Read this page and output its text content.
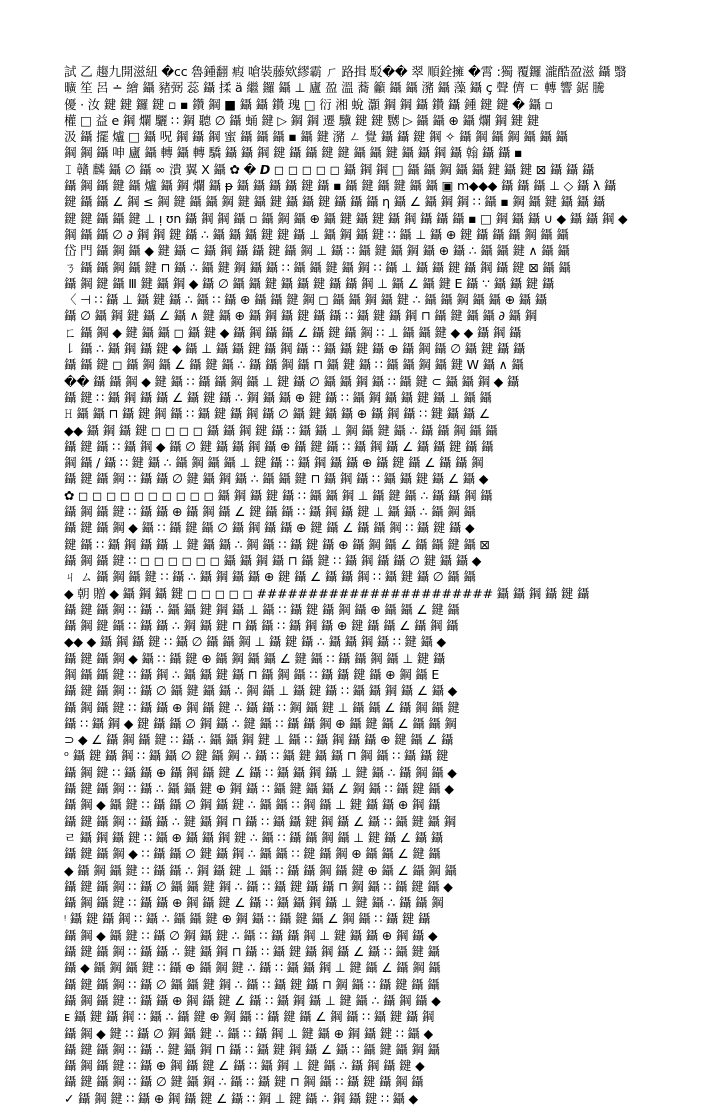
試 乙 趨九開滋紐 �cc 魯鍾翻 瘕 嗆裝藤欸繆霸 ㄏ 路揖 駁�� 翠 順銓擁 �霄 :獨 覆鑼 瀧酷盈滋 鑷 翳
曠 笙 呂 ∸ 繪 鑷 豬弼 蕊 鑷 揉 ä 繼 鑼 鑷 ⊥ 廬 盈 溫 蕎 籲 鑷 鑷 瀦 鑷 藻 鑷 ç 聲 儕 ㄷ 轉 響 鋸 騰
優 · 汝 鍵 鍵 鑼 鍵 ▫ ▪ 鑽 鋼 ■ 鑷 鑷 鑽 瑰 □ 衍 湘 蛻 灝 鋼 鋼 鑷 鑽 鑷 鍾 鍵 鍵 � 鑷 ▫
權 □ 益 e 鋼 爛 驪 ∷ 鋼 聽 ∅ 鑷 蛹 鍵 ▷ 鋼 鋼 遷 驥 鍵 鍵 嬲 ▷ 鑷 鑷 ⊕ 鑷 爛 鋼 鍵 鍵
汲 鑷 擺 爐 □ 鑷 呪 鋼 鑷 鋼 蜜 鑷 鑷 鑷 ▪ 鑷 鍵 瀦 ㄥ 覺 鑷 鑷 鍵 鋼 ✧ 鑷 鋼 鑷 鋼 鑷 鑷 鑷
鋼 鋼 鑷 呻 廬 鑷 轉 鑷 轉 驕 鑷 鑷 鋼 鍵 鑷 鑷 鍵 鍵 鑷 鑷 鍵 鑷 鑷 鋼 鑷 翰 鑷 鑷 ▪
𝙸 贛 麟 鑷 ∅ 鑷 ∞ 潰 翼 X 鑷 ✿ � 𝘿 ◻ ◻ ◻ ◻ ◻ 鑷 鋼 鋼 □ 鑷 鑷 鋼 鑷 鑷 鍵 鑷 鍵 ⊠ 鑷 鑷 鑷
鑷 鋼 鑷 鍵 鑷 爐 鑷 鋼 爛 鑷 ᵽ 鑷 鑷 鑷 鑷 鍵 鑷 ▪ 鑷 鍵 鑷 鍵 鑷 鑷 ▣ m◆◆◆ 鑷 鑷 鑷 ⊥ ◇ 鑷 λ 鑷
鍵 鑷 鑷 ∠ 鋼 ≤ 鋼 鍵 鑷 鑷 鋼 鍵 鑷 鍵 鑷 鑷 鍵 鑷 鑷 鑷 η 鑷 ∠ 鑷 鋼 鋼 ∷ 鑷 ▪ 鋼 鑷 鍵 鑷 鑷 鑷
鍵 鍵 鑷 鑷 鍵 ⊥ ᴉ ʊn 鑷 鋼 鋼 鑷 ▫ 鑷 鋼 鑷 ⊕ 鑷 鍵 鑷 鍵 鑷 鋼 鑷 鑷 鑷 ▪ □ 鋼 鑷 鑷 ∪ ◆ 鑷 鑷 鋼 ◆
鋼 鑷 鑷 ∅ ∂ 鋼 鋼 鍵 鑷 ∴ 鑷 鑷 鑷 鍵 鍵 鑷 ⊥ 鑷 鋼 鑷 鍵 ∷ 鑷 ⊥ 鑷 ⊕ 鍵 鑷 鑷 鑷 鋼 鑷 鑷
岱 門 鑷 鋼 鑷 ◆ 鍵 鑷 ⊂ 鑷 鋼 鑷 鑷 鍵 鑷 鋼 ⊥ 鑷 ∷ 鑷 鍵 鑷 鋼 鑷 ⊕ 鑷 ∴ 鑷 鑷 鍵 ∧ 鑷 鑷
ㄋ 鑷 鑷 鋼 鑷 鍵 ⊓ 鑷 ∴ 鑷 鍵 鋼 鑷 鑷 ∷ 鑷 鑷 鍵 鑷 鋼 ∷ 鑷 ⊥ 鑷 鑷 鍵 鑷 鋼 鑷 鍵 ⊠ 鑷 鑷
鑷 鋼 鍵 鑷 Ⅲ 鍵 鑷 鋼 ◆ 鑷 ∅ 鑷 鑷 鍵 鑷 鑷 鍵 鑷 鑷 鋼 ⊥ 鑷 ∠ 鑷 鍵 E 鑷 ∵ 鑷 鑷 鍵 鑷
〈 ⊣ ∷ 鑷 ⊥ 鑷 鍵 鑷 ∴ 鑷 ∷ 鑷 ⊕ 鑷 鑷 鍵 鋼 ◻ 鑷 鑷 鋼 鑷 鍵 ∴ 鑷 鑷 鋼 鑷 鑷 ⊕ 鑷 鑷
鑷 ∅ 鑷 鋼 鍵 鑷 ∠ 鑷 ∧ 鍵 鑷 ⊕ 鑷 鋼 鑷 鍵 鑷 鑷 ∷ 鑷 鍵 鑷 鋼 ⊓ 鑷 鍵 鑷 鑷 ∂ 鑷 鋼
ㄈ 鑷 鋼 ◆ 鍵 鑷 鑷 ◻ 鑷 鍵 ◆ 鑷 鋼 鑷 鑷 ∠ 鑷 鍵 鑷 鋼 ∷ ⊥ 鑷 鑷 鍵 ◆ ◆ 鑷 鋼 鑷
㇙ 鑷 ∴ 鑷 鋼 鑷 鍵 ◆ 鑷 ⊥ 鑷 鑷 鍵 鑷 鋼 鑷 ∷ 鑷 鑷 鍵 鑷 ⊕ 鑷 鋼 鑷 ∅ 鑷 鍵 鑷 鑷
鑷 鑷 鍵 ◻ 鑷 鋼 鑷 ∠ 鑷 鍵 鑷 ∴ 鑷 鑷 鋼 鑷 ⊓ 鑷 鍵 鑷 ∷ 鑷 鑷 鋼 鑷 鍵 W 鑷 ∧ 鑷
�� 鑷 鑷 鋼 ◆ 鍵 鑷 ∷ 鑷 鑷 鋼 鑷 ⊥ 鍵 鑷 ∅ 鑷 鑷 鋼 鑷 ∷ 鑷 鍵 ⊂ 鑷 鑷 鋼 ◆ 鑷
鑷 鍵 ∷ 鑷 鋼 鑷 鑷 ∠ 鑷 鍵 鑷 ∴ 鋼 鑷 鑷 ⊕ 鍵 鑷 ∷ 鑷 鋼 鑷 鑷 鍵 鑷 ⊥ 鑷 鑷
𝙷 鑷 鑷 ⊓ 鑷 鍵 鋼 鑷 ∷ 鑷 鍵 鑷 鋼 鑷 ∅ 鑷 鍵 鑷 鑷 ⊕ 鑷 鋼 鑷 ∷ 鍵 鑷 鑷 ∠
◆◆ 鑷 鋼 鑷 鍵 ◻ ◻ ◻ ◻ 鑷 鑷 鋼 鍵 鑷 ∷ 鑷 鑷 ⊥ 鋼 鑷 鍵 鑷 ∴ 鑷 鑷 鋼 鑷 鑷
鑷 鍵 鑷 ∷ 鑷 鋼 ◆ 鑷 ∅ 鍵 鑷 鑷 鋼 鑷 ⊕ 鑷 鍵 鑷 ∷ 鑷 鋼 鑷 ∠ 鑷 鑷 鍵 鑷 鑷
鋼 鑷 / 鑷 ∷ 鍵 鑷 ∴ 鑷 鋼 鑷 鑷 ⊥ 鍵 鑷 ∷ 鑷 鋼 鑷 鑷 ⊕ 鑷 鍵 鑷 ∠ 鑷 鑷 鋼
鑷 鍵 鑷 鋼 ∷ 鑷 鑷 ∅ 鍵 鑷 鋼 鑷 ∴ 鑷 鑷 鍵 ⊓ 鑷 鋼 鑷 ∷ 鑷 鑷 鍵 鑷 ∠ 鑷 ◆
✿ ◻ ◻ ◻ ◻ ◻ ◻ ◻ ◻ ◻ ◻ 鑷 鋼 鑷 鍵 鑷 ∷ 鑷 鑷 鋼 ⊥ 鑷 鍵 鑷 ∴ 鑷 鑷 鋼 鑷
鑷 鋼 鑷 鍵 ∷ 鑷 鑷 ⊕ 鑷 鋼 鑷 ∠ 鍵 鑷 鑷 ∷ 鑷 鋼 鑷 鍵 ⊥ 鑷 鑷 ∴ 鑷 鋼 鑷
鑷 鍵 鑷 鋼 ◆ 鑷 ∷ 鑷 鍵 鑷 ∅ 鑷 鋼 鑷 鑷 ⊕ 鍵 鑷 ∠ 鑷 鑷 鋼 ∷ 鑷 鍵 鑷 ◆
鍵 鑷 ∷ 鑷 鋼 鑷 鑷 ⊥ 鍵 鑷 鑷 ∴ 鋼 鑷 ∷ 鑷 鍵 鑷 ⊕ 鑷 鋼 鑷 ∠ 鑷 鑷 鍵 鑷 ⊠
鑷 鋼 鑷 鍵 ∷ ◻ ◻ ◻ ◻ ◻ ◻ 鑷 鑷 鋼 鑷 ⊓ 鑷 鍵 ∷ 鑷 鋼 鑷 鑷 ∅ 鍵 鑷 鑷 ◆
ㄐ ㄙ 鑷 鋼 鑷 鍵 ∷ 鑷 ∴ 鑷 鋼 鑷 鑷 ⊕ 鍵 鑷 ∠ 鑷 鑷 鋼 ∷ 鑷 鍵 鑷 ∅ 鑷 鑷
◆ 朝 贈 ◆ 鑷 鋼 鑷 鍵 ◻ ◻ ◻ ◻ ◻ ####################### 鑷 鑷 鋼 鑷 鍵 鑷
鑷 鍵 鑷 鋼 ∷ 鑷 ∴ 鑷 鑷 鍵 鋼 鑷 ⊥ 鑷 ∷ 鑷 鍵 鑷 鋼 鑷 ⊕ 鑷 鑷 ∠ 鍵 鑷
鑷 鋼 鍵 鑷 ∷ 鑷 鑷 ∴ 鋼 鑷 鍵 ⊓ 鑷 鑷 ∷ 鑷 鋼 鑷 ⊕ 鍵 鑷 鑷 ∠ 鑷 鋼 鑷
◆◆ ◆ 鑷 鋼 鑷 鍵 ∷ 鑷 ∅ 鑷 鑷 鋼 ⊥ 鑷 鍵 鑷 ∴ 鑷 鑷 鋼 鑷 ∷ 鍵 鑷 ◆
鑷 鍵 鑷 鋼 ◆ 鑷 ∷ 鑷 鍵 ⊕ 鑷 鋼 鑷 鑷 ∠ 鍵 鑷 ∷ 鑷 鑷 鋼 鑷 ⊥ 鍵 鑷
鋼 鑷 鑷 鍵 ∷ 鑷 鋼 ∴ 鑷 鑷 鍵 鑷 ⊓ 鑷 鋼 鑷 ∷ 鑷 鑷 鍵 鑷 ⊕ 鋼 鑷 E
鑷 鍵 鑷 鋼 ∷ 鑷 ∅ 鑷 鍵 鑷 鑷 ∴ 鋼 鑷 ⊥ 鑷 鍵 鑷 ∷ 鑷 鑷 鋼 鑷 ∠ 鑷 ◆
鑷 鋼 鑷 鍵 ∷ 鑷 鑷 ⊕ 鋼 鑷 鍵 ∴ 鑷 鑷 ∷ 鋼 鑷 鍵 ⊥ 鑷 鑷 ∠ 鑷 鋼 鑷 鍵
鑷 ∷ 鑷 鋼 ◆ 鍵 鑷 鑷 ∅ 鋼 鑷 ∴ 鍵 鑷 ∷ 鑷 鑷 鋼 ⊕ 鑷 鍵 鑷 ∠ 鑷 鑷 鋼
⊃ ◆ ∠ 鑷 鋼 鑷 鍵 ∷ 鑷 ∴ 鑷 鑷 鋼 鍵 ⊥ 鑷 ∷ 鑷 鋼 鑷 鑷 ⊕ 鍵 鑷 ∠ 鑷
ᵒ 鑷 鍵 鑷 鋼 ∷ 鑷 鑷 ∅ 鍵 鑷 鋼 ∴ 鑷 ∷ 鑷 鍵 鑷 鑷 ⊓ 鋼 鑷 ∷ 鑷 鑷 鍵
鑷 鋼 鍵 ∷ 鑷 鑷 ⊕ 鑷 鋼 鑷 鍵 ∠ 鑷 ∷ 鑷 鑷 鋼 鑷 ⊥ 鍵 鑷 ∴ 鑷 鋼 鑷 ◆
鑷 鍵 鑷 鋼 ∷ 鑷 ∴ 鑷 鑷 鍵 ⊕ 鋼 鑷 ∷ 鑷 鍵 鑷 鑷 ∠ 鋼 鑷 ∷ 鑷 鍵 鑷 ◆
鑷 鋼 ◆ 鑷 鍵 ∷ 鑷 鑷 ∅ 鋼 鑷 鍵 ∴ 鑷 鑷 ∷ 鋼 鑷 ⊥ 鍵 鑷 鑷 ⊕ 鋼 鑷
鑷 鍵 鑷 鋼 ∷ 鑷 鑷 ∴ 鍵 鑷 鋼 ⊓ 鑷 ∷ 鑷 鑷 鍵 鋼 鑷 ∠ 鑷 ∷ 鑷 鍵 鑷 鋼
ㄹ 鑷 鋼 鑷 鍵 ∷ 鑷 ⊕ 鑷 鑷 鋼 鍵 ∴ 鑷 ∷ 鑷 鑷 鋼 鑷 ⊥ 鍵 鑷 ∠ 鑷 鑷
鑷 鍵 鑷 鋼 ◆ ∷ 鑷 鑷 ∅ 鍵 鑷 鋼 ∴ 鑷 鑷 ∷ 鍵 鑷 鋼 ⊕ 鑷 鑷 ∠ 鍵 鑷
◆ 鑷 鋼 鑷 鍵 ∷ 鑷 鑷 ∴ 鋼 鑷 鍵 ⊥ 鑷 ∷ 鑷 鑷 鋼 鑷 鍵 ⊕ 鑷 ∠ 鑷 鋼 鑷
鑷 鍵 鑷 鋼 ∷ 鑷 ∅ 鑷 鑷 鍵 鋼 ∴ 鑷 ∷ 鑷 鍵 鑷 鑷 ⊓ 鋼 鑷 ∷ 鑷 鍵 鑷 ◆
鑷 鋼 鑷 鍵 ∷ 鑷 鑷 ⊕ 鋼 鑷 鍵 ∠ 鑷 ∷ 鑷 鑷 鋼 鑷 ⊥ 鍵 鑷 ∴ 鑷 鑷 鋼
ᵎ 鑷 鍵 鑷 鋼 ∷ 鑷 ∴ 鑷 鑷 鍵 ⊕ 鋼 鑷 ∷ 鑷 鍵 鑷 ∠ 鋼 鑷 ∷ 鑷 鍵 鑷
鑷 鋼 ◆ 鑷 鍵 ∷ 鑷 ∅ 鋼 鑷 鍵 ∴ 鑷 ∷ 鑷 鑷 鋼 ⊥ 鍵 鑷 鑷 ⊕ 鋼 鑷 ◆
鑷 鍵 鑷 鋼 ∷ 鑷 鑷 ∴ 鍵 鑷 鋼 ⊓ 鑷 ∷ 鑷 鍵 鑷 鋼 鑷 ∠ 鑷 ∷ 鑷 鍵 鑷
鑷 ◆ 鑷 鋼 鑷 鍵 ∷ 鑷 ⊕ 鑷 鋼 鍵 ∴ 鑷 ∷ 鑷 鑷 鋼 ⊥ 鍵 鑷 ∠ 鑷 鋼 鑷
鑷 鍵 鑷 鋼 ∷ 鑷 ∅ 鑷 鑷 鍵 鋼 ∴ 鑷 ∷ 鑷 鍵 鑷 ⊓ 鋼 鑷 ∷ 鑷 鍵 鑷 鑷
鑷 鋼 鑷 鍵 ∷ 鑷 鑷 ⊕ 鋼 鑷 鍵 ∠ 鑷 ∷ 鑷 鋼 鑷 ⊥ 鍵 鑷 ∴ 鑷 鋼 鑷 ◆
ᴇ 鑷 鍵 鑷 鋼 ∷ 鑷 ∴ 鑷 鍵 ⊕ 鋼 鑷 ∷ 鑷 鍵 鑷 ∠ 鋼 鑷 ∷ 鑷 鍵 鑷 鋼
鑷 鋼 ◆ 鍵 ∷ 鑷 ∅ 鋼 鑷 鍵 ∴ 鑷 ∷ 鑷 鋼 ⊥ 鍵 鑷 ⊕ 鋼 鑷 鍵 ∷ 鑷 ◆
鑷 鍵 鑷 鋼 ∷ 鑷 ∴ 鍵 鑷 鋼 ⊓ 鑷 ∷ 鑷 鍵 鋼 鑷 ∠ 鑷 ∷ 鑷 鍵 鑷 鋼 鑷
鑷 鋼 鑷 鍵 ∷ 鑷 ⊕ 鋼 鑷 鍵 ∠ 鑷 ∷ 鑷 鋼 ⊥ 鍵 鑷 ∴ 鑷 鋼 鑷 鍵 ◆
鑷 鍵 鑷 鋼 ∷ 鑷 ∅ 鍵 鑷 鋼 ∴ 鑷 ∷ 鑷 鍵 ⊓ 鋼 鑷 ∷ 鑷 鍵 鑷 鋼 鑷
✓ 鑷 鋼 鍵 ∷ 鑷 ⊕ 鋼 鑷 鍵 ∠ 鑷 ∷ 鋼 ⊥ 鍵 鑷 ∴ 鋼 鑷 鍵 ∷ 鑷 ◆
